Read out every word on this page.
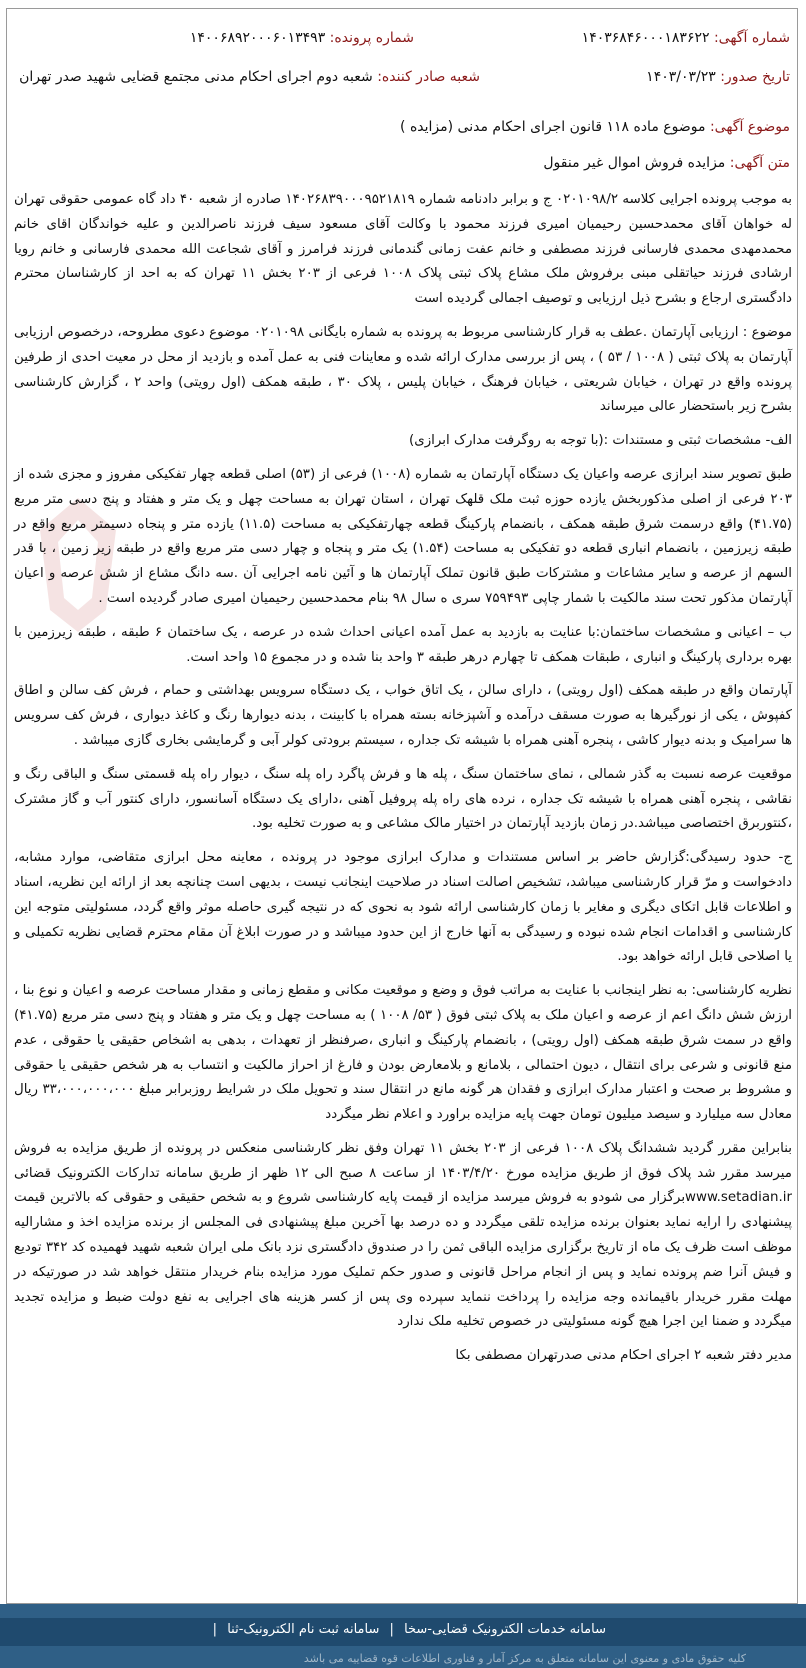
شماره آگهی: ۱۴۰۳۶۸۴۶۰۰۰۱۸۳۶۲۲
شماره پرونده: ۱۴۰۰۶۸۹۲۰۰۰۶۰۱۳۴۹۳
تاریخ صدور: ۱۴۰۳/۰۳/۲۳
شعبه صادر کننده: شعبه دوم اجرای احکام مدنی مجتمع قضایی شهید صدر تهران
موضوع آگهی: موضوع ماده ۱۱۸ قانون اجرای احکام مدنی (مزایده )
متن آگهی: مزایده فروش اموال غیر منقول

به موجب پرونده اجرایی کلاسه ۰۲۰۱۰۹۸/۲ ج و برابر دادنامه شماره ۱۴۰۲۶۸۳۹۰۰۰۹۵۲۱۸۱۹ صادره از شعبه ۴۰ داد گاه عمومی حقوقی تهران له خواهان آقای محمدحسین رحیمیان امیری فرزند محمود با وکالت آقای مسعود سیف فرزند ناصرالدین و علیه خواندگان اقای خانم محمدمهدی محمدی فارسانی فرزند مصطفی و خانم عفت زمانی گندمانی فرزند فرامرز و آقای شجاعت الله محمدی فارسانی و خانم رویا ارشادی فرزند حیاتقلی مبنی برفروش ملک مشاع پلاک ثبتی پلاک ۱۰۰۸ فرعی از ۲۰۳ بخش ۱۱ تهران که به احد از کارشناسان محترم دادگستری ارجاع و بشرح ذیل ارزیابی و توصیف اجمالی گردیده است

موضوع : ارزیابی آپارتمان .عطف به قرار کارشناسی مربوط به پرونده به شماره بایگانی ۰۲۰۱۰۹۸ موضوع دعوی مطروحه، درخصوص ارزیابی آپارتمان به پلاک ثبتی ( ۱۰۰۸ / ۵۳ ) ، پس از بررسی مدارک ارائه شده و معاینات فنی به عمل آمده و بازدید از محل در معیت احدی از طرفین پرونده واقع در تهران ، خیابان شریعتی ، خیابان فرهنگ ، خیابان پلیس ، پلاک ۳۰ ، طبقه همکف (اول رویتی) واحد ۲ ، گزارش کارشناسی بشرح زیر باستحضار عالی میرساند

الف- مشخصات ثبتی و مستندات :(با توجه به روگرفت مدارک ابرازی)

طبق تصویر سند ابرازی عرصه واعیان یک دستگاه آپارتمان به شماره (۱۰۰۸) فرعی از (۵۳) اصلی قطعه چهار تفکیکی مفروز و مجزی شده از ۲۰۳ فرعی از اصلی مذکوربخش یازده حوزه ثبت ملک قلهک تهران ، استان تهران به مساحت چهل و یک متر و هفتاد و پنج دسی متر مربع (۴۱.۷۵) واقع درسمت شرق طبقه همکف ، بانضمام پارکینگ قطعه چهارتفکیکی به مساحت (۱۱.۵) یازده متر و پنجاه دسیمتر مربع واقع در طبقه زیرزمین ، بانضمام انباری قطعه دو تفکیکی به مساحت (۱.۵۴) یک متر و پنجاه و چهار دسی متر مربع واقع در طبقه زیر زمین ، با قدر السهم از عرصه و سایر مشاعات و مشترکات طبق قانون تملک آپارتمان ها و آئین نامه اجرایی آن .سه دانگ مشاع از شش عرصه و اعیان آپارتمان مذکور تحت سند مالکیت با شمار چاپی ۷۵۹۴۹۳ سری ه سال ۹۸ بنام محمدحسین رحیمیان امیری صادر گردیده است .

ب – اعیانی و مشخصات ساختمان:با عنایت به بازدید به عمل آمده اعیانی احداث شده در عرصه ، یک ساختمان ۶ طبقه ، طبقه زیرزمین با بهره برداری پارکینگ و انباری ، طبقات همکف تا چهارم درهر طبقه ۳ واحد بنا شده و در مجموع ۱۵ واحد است.

آپارتمان واقع در طبقه همکف (اول رویتی) ، دارای سالن ، یک اتاق خواب ، یک دستگاه سرویس بهداشتی و حمام ، فرش کف سالن و اطاق کفپوش ، یکی از نورگیرها به صورت مسقف درآمده و آشپزخانه بسته همراه با کابینت ، بدنه دیوارها رنگ و کاغذ دیواری ، فرش کف سرویس ها سرامیک و بدنه دیوار کاشی ، پنجره آهنی همراه با شیشه تک جداره ، سیستم برودتی کولر آبی و گرمایشی بخاری گازی میباشد .

موقعیت عرصه نسبت به گذر شمالی ، نمای ساختمان سنگ ، پله ها و فرش پاگرد راه پله سنگ ، دیوار راه پله قسمتی سنگ و الباقی رنگ و نقاشی ، پنجره آهنی همراه با شیشه تک جداره ، نرده های راه پله پروفیل آهنی ،دارای یک دستگاه آسانسور، دارای کنتور آب و گاز مشترک ،کنتوربرق اختصاصی میباشد.در زمان بازدید آپارتمان در اختیار مالک مشاعی و به صورت تخلیه بود.

ج- حدود رسیدگی:گزارش حاضر بر اساس مستندات و مدارک ابرازی موجود در پرونده ، معاینه محل ابرازی متقاضی، موارد مشابه، دادخواست و مرّ قرار کارشناسی میباشد، تشخیص اصالت اسناد در صلاحیت اینجانب نیست ، بدیهی است چنانچه بعد از ارائه این نظریه، اسناد و اطلاعات قابل اتکای دیگری و مغایر با زمان کارشناسی ارائه شود به نحوی که در نتیجه گیری حاصله موثر واقع گردد، مسئولیتی متوجه این کارشناسی و اقدامات انجام شده نبوده و رسیدگی به آنها خارج از این حدود میباشد و در صورت ابلاغ آن مقام محترم قضایی نظریه تکمیلی و یا اصلاحی قابل ارائه خواهد بود.

نظریه کارشناسی: به نظر اینجانب با عنایت به مراتب فوق و وضع و موقعیت مکانی و مقطع زمانی و مقدار مساحت عرصه و اعیان و نوع بنا ، ارزش شش دانگ اعم از عرصه و اعیان ملک به پلاک ثبتی فوق ( ۵۳/ ۱۰۰۸ ) به مساحت چهل و یک متر و هفتاد و پنج دسی متر مربع (۴۱.۷۵) واقع در سمت شرق طبقه همکف (اول رویتی) ، بانضمام پارکینگ و انباری ،صرفنظر از تعهدات ، بدهی به اشخاص حقیقی یا حقوقی ، عدم منع قانونی و شرعی برای انتقال ، دیون احتمالی ، بلامانع و بلامعارض بودن و فارغ از احراز مالکیت و انتساب به هر شخص حقیقی یا حقوقی و مشروط بر صحت و اعتبار مدارک ابرازی و فقدان هر گونه مانع در انتقال سند و تحویل ملک در شرایط روزبرابر مبلغ ۳۳،۰۰۰،۰۰۰،۰۰۰ ریال معادل سه میلیارد و سیصد میلیون تومان جهت پایه مزایده براورد و اعلام نظر میگردد

بنابراین مقرر گردید ششدانگ پلاک ۱۰۰۸ فرعی از ۲۰۳ بخش ۱۱ تهران وفق نظر کارشناسی منعکس در پرونده از طریق مزایده به فروش میرسد مقرر شد پلاک فوق از طریق مزایده مورخ ۱۴۰۳/۴/۲۰ از ساعت ۸ صبح الی ۱۲ ظهر از طریق سامانه تدارکات الکترونیک قضائی www.setadian.irبرگزار می شودو به فروش میرسد مزایده از قیمت پایه کارشناسی شروع و به شخص حقیقی و حقوقی که بالاترین قیمت پیشنهادی را ارایه نماید بعنوان برنده مزایده تلقی میگردد و ده درصد بها آخرین مبلغ پیشنهادی فی المجلس از برنده مزایده اخذ و مشارالیه موظف است ظرف یک ماه از تاریخ برگزاری مزایده الباقی ثمن را در صندوق دادگستری نزد بانک ملی ایران شعبه شهید فهمیده کد ۳۴۲ تودیع و فیش آنرا ضم پرونده نماید و پس از انجام مراحل قانونی و صدور حکم تملیک مورد مزایده بنام خریدار منتقل خواهد شد در صورتیکه در مهلت مقرر خریدار باقیمانده وجه مزایده را پرداخت ننماید سپرده وی پس از کسر هزینه های اجرایی به نفع دولت ضبط و مزایده تجدید میگردد و ضمنا این اجرا هیچ گونه مسئولیتی در خصوص تخلیه ملک ندارد

مدیر دفتر شعبه ۲ اجرای احکام مدنی صدرتهران مصطفی بکا

سامانه خدمات الکترونیک قضایی-سخا | سامانه ثبت نام الکترونیک-ثنا |
کلیه حقوق مادی و معنوی این سامانه متعلق به مرکز آمار و فناوری اطلاعات قوه قضاییه می باشد
